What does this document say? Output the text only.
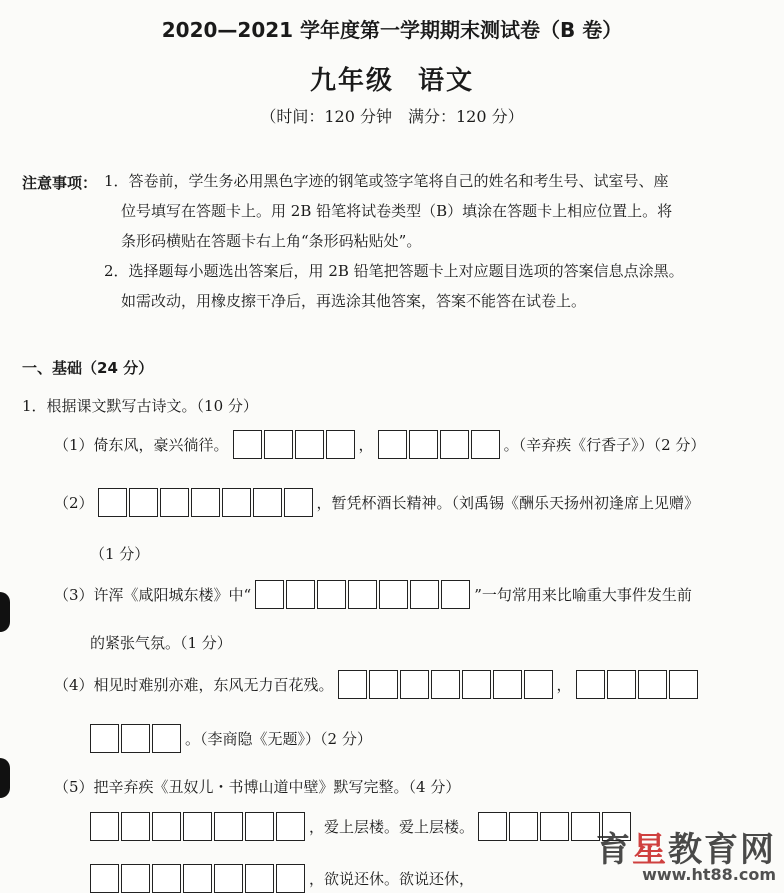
2020—2021 学年度第一学期期末测试卷（B 卷）
九年级 语文
（时间：120 分钟　满分：120 分）
注意事项： 1．答卷前，学生务必用黑色字迹的钢笔或签字笔将自己的姓名和考生号、试室号、座
位号填写在答题卡上。用 2B 铅笔将试卷类型（B）填涂在答题卡上相应位置上。将
条形码横贴在答题卡右上角“条形码粘贴处”。
2．选择题每小题选出答案后，用 2B 铅笔把答题卡上对应题目选项的答案信息点涂黑。
如需改动，用橡皮擦干净后，再选涂其他答案，答案不能答在试卷上。
一、基础（24 分）
1．根据课文默写古诗文。（10 分）
（1）倚东风，豪兴徜徉。	，	。（辛弃疾《行香子》）（2 分）
（2）	，暂凭杯酒长精神。（刘禹锡《酬乐天扬州初逢席上见赠》
（1 分）
（3）许浑《咸阳城东楼》中“	”一句常用来比喻重大事件发生前
的紧张气氛。（1 分）
（4）相见时难别亦难，东风无力百花残。	，
。（李商隐《无题》）（2 分）
（5）把辛弃疾《丑奴儿・书博山道中壁》默写完整。（4 分）
，爱上层楼。爱上层楼。
，欲说还休。欲说还休，
育星教育网
www.ht88.com
